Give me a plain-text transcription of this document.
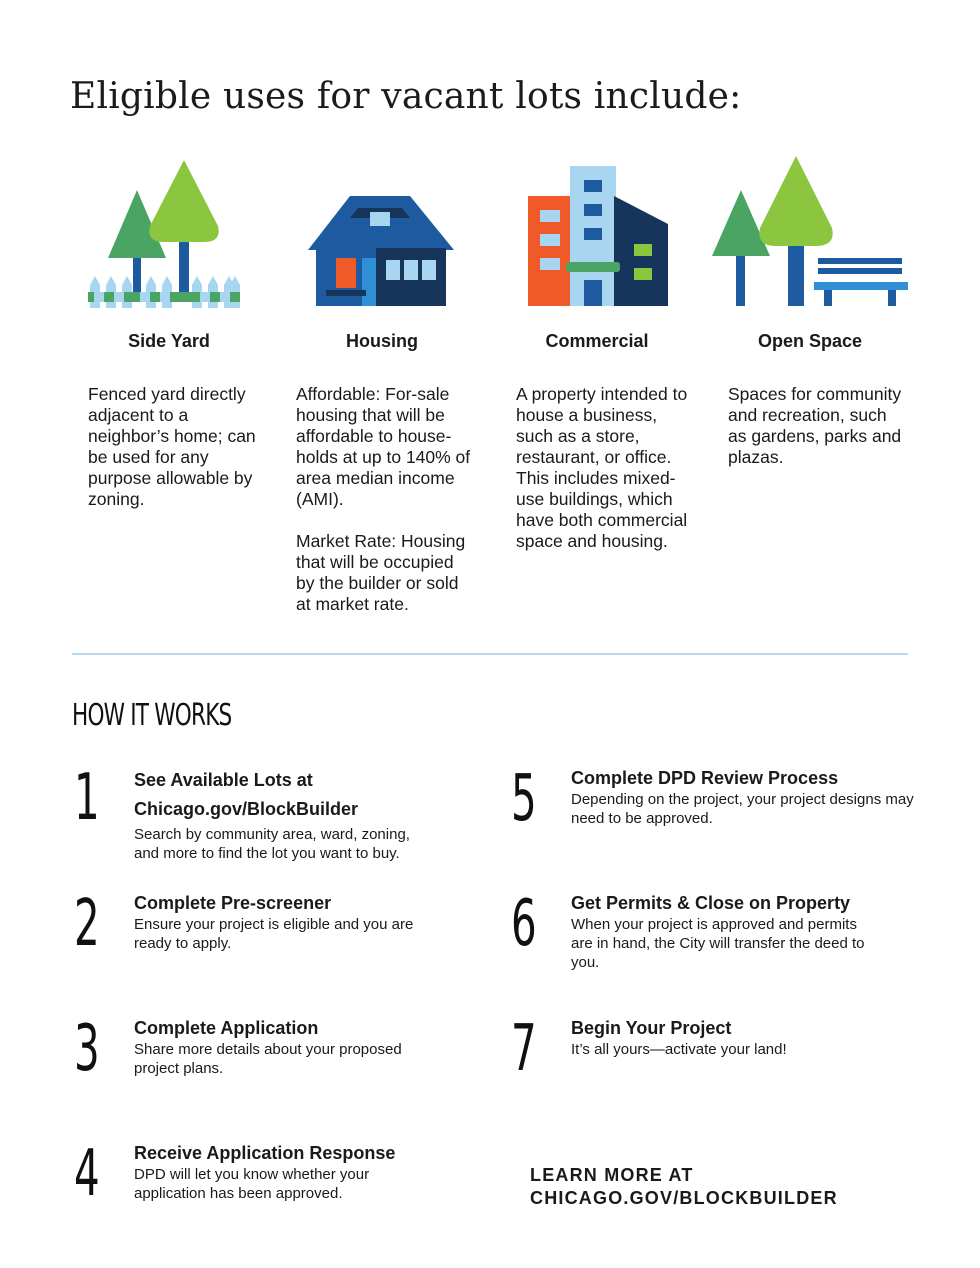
Eligible uses for vacant lots include:
Side Yard	Housing	Commercial	Open Space

Fenced yard directly adjacent to a neighbor’s home; can be used for any purpose allowable by zoning.

Affordable: For-sale housing that will be affordable to house-holds at up to 140% of area median income (AMI).

Market Rate: Housing that will be occupied by the builder or sold at market rate.

A property intended to house a business, such as a store, restaurant, or office. This includes mixed-use buildings, which have both commercial space and housing.

Spaces for community and recreation, such as gardens, parks and plazas.

HOW IT WORKS
1	See Available Lots at Chicago.gov/BlockBuilder
Search by community area, ward, zoning, and more to find the lot you want to buy.
2	Complete Pre-screener
Ensure your project is eligible and you are ready to apply.
3	Complete Application
Share more details about your proposed project plans.
4	Receive Application Response
DPD will let you know whether your application has been approved.
5	Complete DPD Review Process
Depending on the project, your project designs may need to be approved.
6	Get Permits & Close on Property
When your project is approved and permits are in hand, the City will transfer the deed to you.
7	Begin Your Project
It’s all yours—activate your land!
LEARN MORE AT
CHICAGO.GOV/BLOCKBUILDER
